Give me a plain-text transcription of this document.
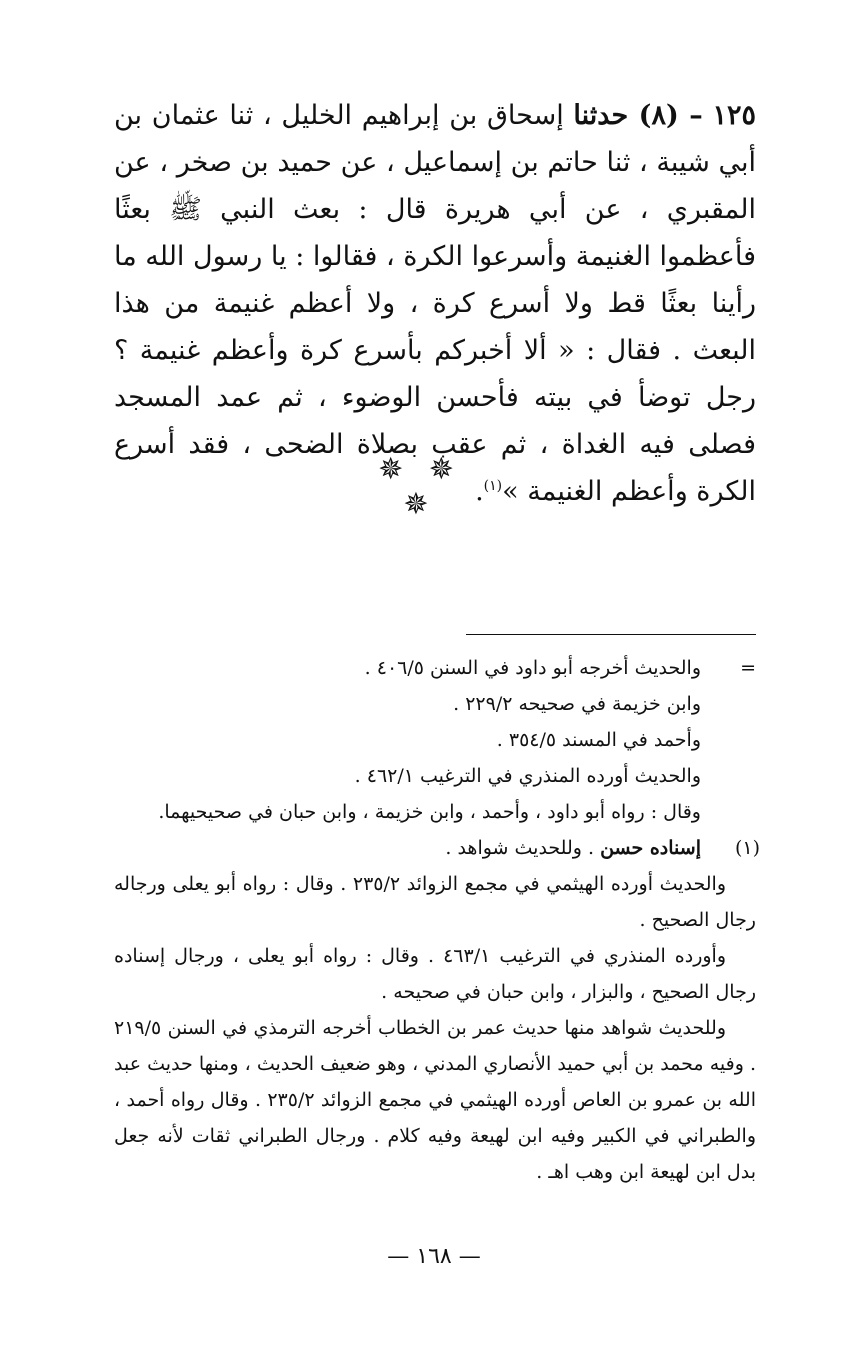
١٢٥ – (٨) حدثنا إسحاق بن إبراهيم الخليل ، ثنا عثمان بن أبي شيبة ، ثنا حاتم بن إسماعيل ، عن حميد بن صخر ، عن المقبري ، عن أبي هريرة قال : بعث النبي ﷺ بعثًا فأعظموا الغنيمة وأسرعوا الكرة ، فقالوا : يا رسول الله ما رأينا بعثًا قط ولا أسرع كرة ، ولا أعظم غنيمة من هذا البعث . فقال : « ألا أخبركم بأسرع كرة وأعظم غنيمة ؟ رجل توضأ في بيته فأحسن الوضوء ، ثم عمد المسجد فصلى فيه الغداة ، ثم عقب بصلاة الضحى ، فقد أسرع الكرة وأعظم الغنيمة »$^{(١)}$.

✵ ✵ ✵
=
والحديث أخرجه أبو داود في السنن ٤٠٦/٥ .
وابن خزيمة في صحيحه ٢٢٩/٢ .
وأحمد في المسند ٣٥٤/٥ .
والحديث أورده المنذري في الترغيب ٤٦٢/١ .
وقال : رواه أبو داود ، وأحمد ، وابن خزيمة ، وابن حبان في صحيحيهما.
(١)
إسناده حسن . وللحديث شواهد .
والحديث أورده الهيثمي في مجمع الزوائد ٢٣٥/٢ . وقال : رواه أبو يعلى ورجاله رجال الصحيح .
وأورده المنذري في الترغيب ٤٦٣/١ . وقال : رواه أبو يعلى ، ورجال إسناده رجال الصحيح ، والبزار ، وابن حبان في صحيحه .
وللحديث شواهد منها حديث عمر بن الخطاب أخرجه الترمذي في السنن ٢١٩/٥ . وفيه محمد بن أبي حميد الأنصاري المدني ، وهو ضعيف الحديث ، ومنها حديث عبد الله بن عمرو بن العاص أورده الهيثمي في مجمع الزوائد ٢٣٥/٢ . وقال رواه أحمد ، والطبراني في الكبير وفيه ابن لهيعة وفيه كلام . ورجال الطبراني ثقات لأنه جعل بدل ابن لهيعة ابن وهب اهـ .
— ١٦٨ —
